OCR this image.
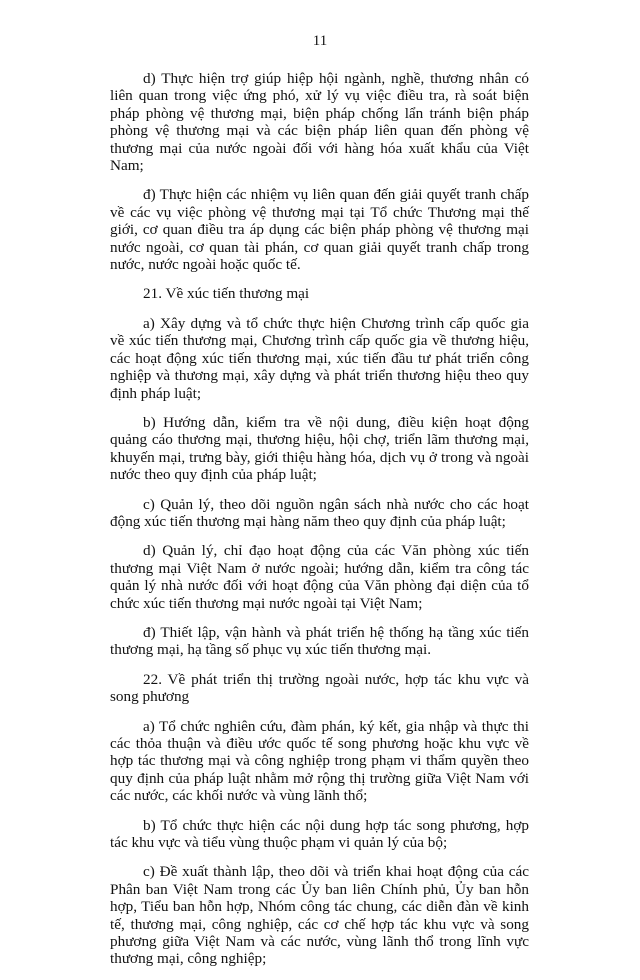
11

d) Thực hiện trợ giúp hiệp hội ngành, nghề, thương nhân có liên quan trong việc ứng phó, xử lý vụ việc điều tra, rà soát biện pháp phòng vệ thương mại, biện pháp chống lẩn tránh biện pháp phòng vệ thương mại và các biện pháp liên quan đến phòng vệ thương mại của nước ngoài đối với hàng hóa xuất khẩu của Việt Nam;

đ) Thực hiện các nhiệm vụ liên quan đến giải quyết tranh chấp về các vụ việc phòng vệ thương mại tại Tổ chức Thương mại thế giới, cơ quan điều tra áp dụng các biện pháp phòng vệ thương mại nước ngoài, cơ quan tài phán, cơ quan giải quyết tranh chấp trong nước, nước ngoài hoặc quốc tế.

21. Về xúc tiến thương mại

a) Xây dựng và tổ chức thực hiện Chương trình cấp quốc gia về xúc tiến thương mại, Chương trình cấp quốc gia về thương hiệu, các hoạt động xúc tiến thương mại, xúc tiến đầu tư phát triển công nghiệp và thương mại, xây dựng và phát triển thương hiệu theo quy định pháp luật;

b) Hướng dẫn, kiểm tra về nội dung, điều kiện hoạt động quảng cáo thương mại, thương hiệu, hội chợ, triển lãm thương mại, khuyến mại, trưng bày, giới thiệu hàng hóa, dịch vụ ở trong và ngoài nước theo quy định của pháp luật;

c) Quản lý, theo dõi nguồn ngân sách nhà nước cho các hoạt động xúc tiến thương mại hàng năm theo quy định của pháp luật;

d) Quản lý, chỉ đạo hoạt động của các Văn phòng xúc tiến thương mại Việt Nam ở nước ngoài; hướng dẫn, kiểm tra công tác quản lý nhà nước đối với hoạt động của Văn phòng đại diện của tổ chức xúc tiến thương mại nước ngoài tại Việt Nam;

đ) Thiết lập, vận hành và phát triển hệ thống hạ tầng xúc tiến thương mại, hạ tầng số phục vụ xúc tiến thương mại.

22. Về phát triển thị trường ngoài nước, hợp tác khu vực và song phương

a) Tổ chức nghiên cứu, đàm phán, ký kết, gia nhập và thực thi các thỏa thuận và điều ước quốc tế song phương hoặc khu vực về hợp tác thương mại và công nghiệp trong phạm vi thẩm quyền theo quy định của pháp luật nhằm mở rộng thị trường giữa Việt Nam với các nước, các khối nước và vùng lãnh thổ;

b) Tổ chức thực hiện các nội dung hợp tác song phương, hợp tác khu vực và tiểu vùng thuộc phạm vi quản lý của bộ;

c) Đề xuất thành lập, theo dõi và triển khai hoạt động của các Phân ban Việt Nam trong các Ủy ban liên Chính phủ, Ủy ban hỗn hợp, Tiểu ban hỗn hợp, Nhóm công tác chung, các diễn đàn về kinh tế, thương mại, công nghiệp, các cơ chế hợp tác khu vực và song phương giữa Việt Nam và các nước, vùng lãnh thổ trong lĩnh vực thương mại, công nghiệp;
